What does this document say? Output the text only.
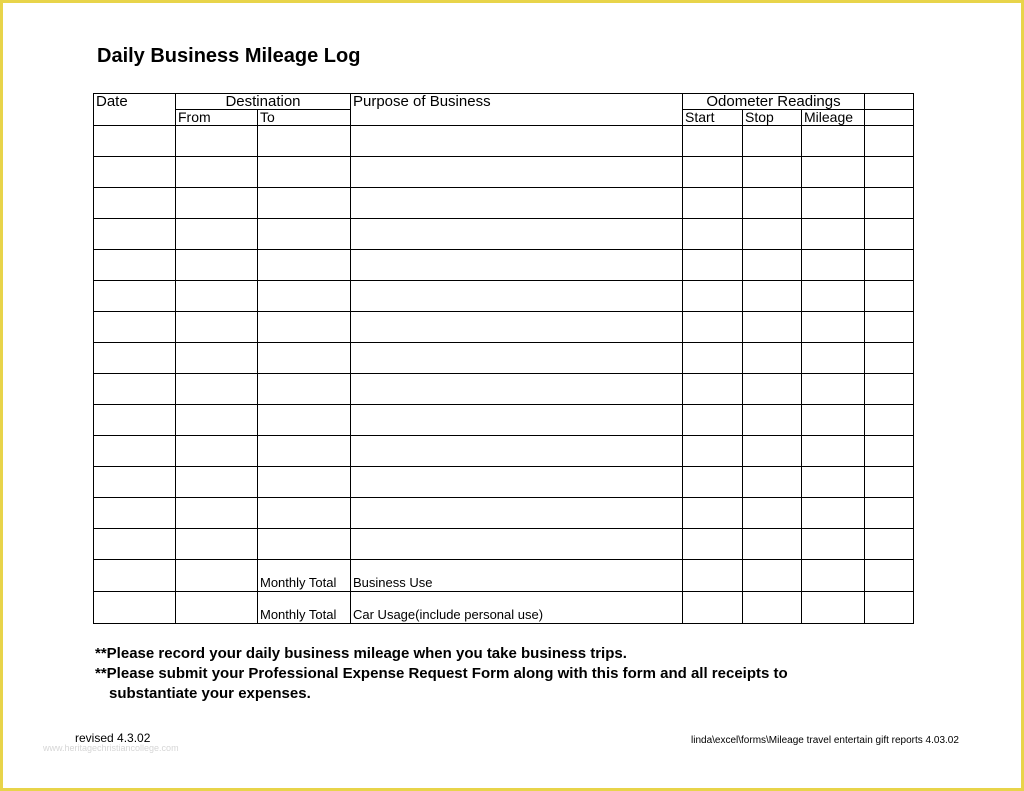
Daily Business Mileage Log
Date	Destination		Purpose of Business	Odometer Readings			
	From	To		Start	Stop	Mileage	

		Monthly Total	Business Use				
		Monthly Total	Car Usage(include personal use)				
**Please record your daily business mileage when you take business trips.
**Please submit your Professional Expense Request Form along with this form and all receipts to
substantiate your expenses.
revised 4.3.02
www.heritagechristiancollege.com
linda\excel\forms\Mileage travel entertain gift reports 4.03.02
